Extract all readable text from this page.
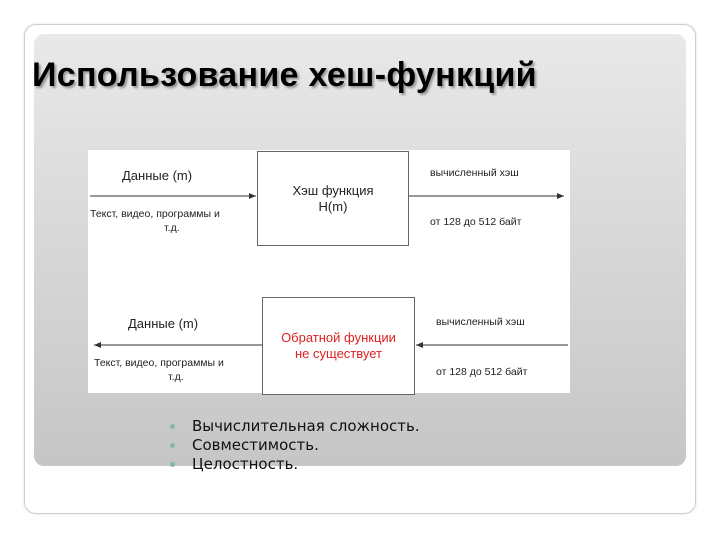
Использование хеш-функций
Данные (m)
Текст, видео, программы и
т.д.
Хэш функция
H(m)
вычисленный хэш
от 128 до 512 байт
Данные (m)
Текст, видео, программы и
т.д.
Обратной функции
не существует
вычисленный хэш
от 128 до 512 байт
Вычислительная сложность.
Совместимость.
Целостность.
